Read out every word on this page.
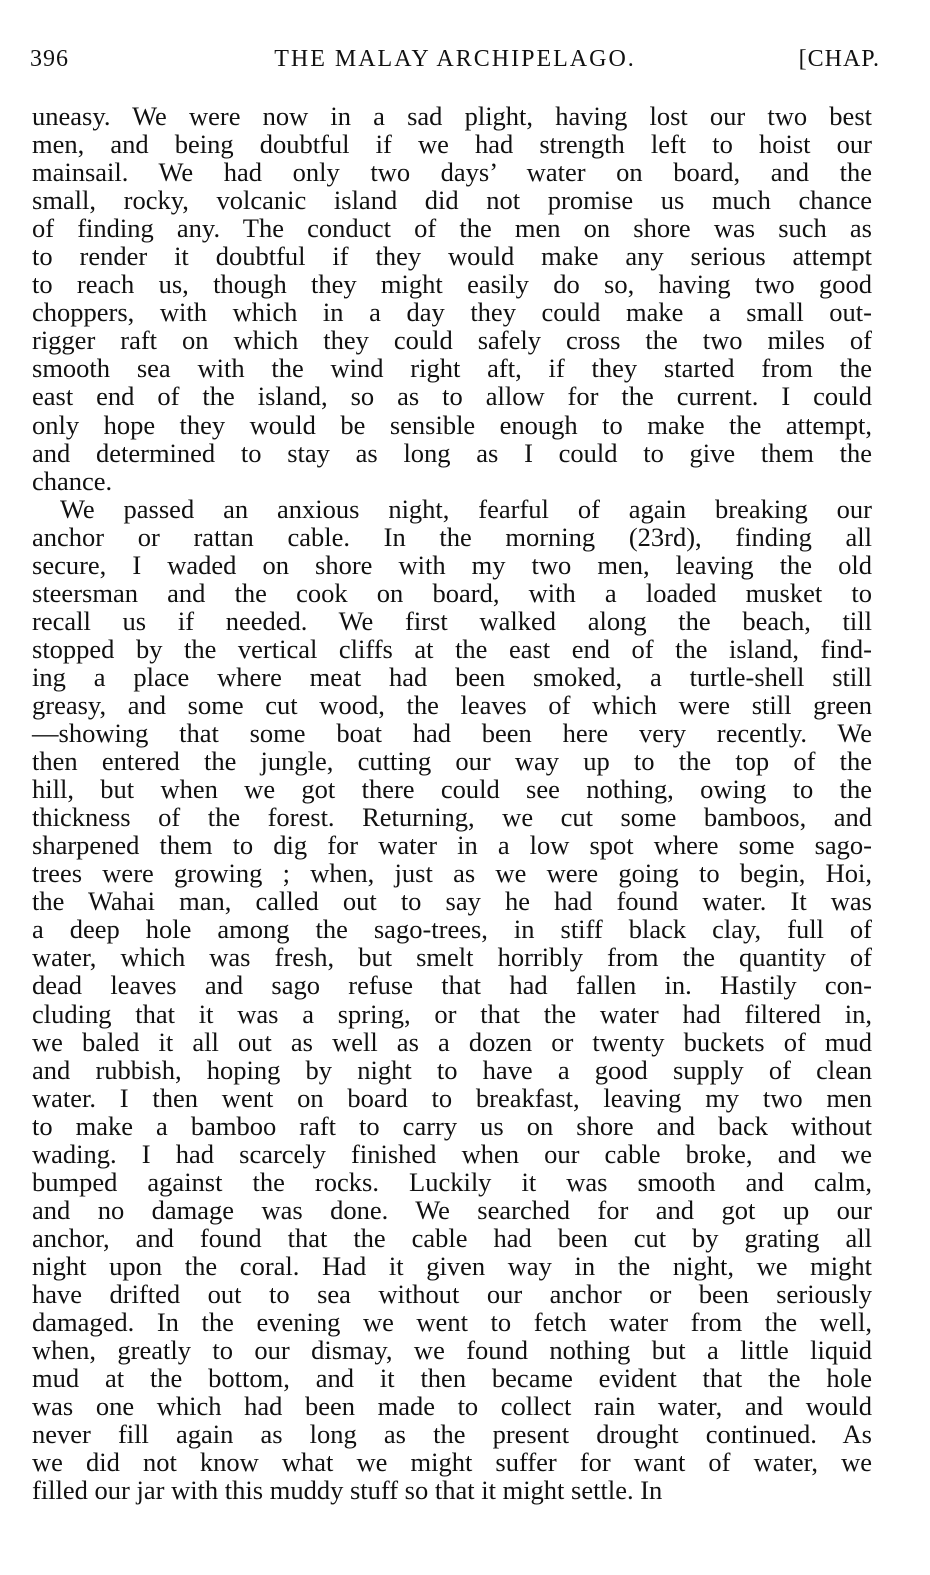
396	THE MALAY ARCHIPELAGO.	[CHAP.
uneasy. We were now in a sad plight, having lost our two best
men, and being doubtful if we had strength left to hoist our
mainsail. We had only two days’ water on board, and the
small, rocky, volcanic island did not promise us much chance
of finding any. The conduct of the men on shore was such as
to render it doubtful if they would make any serious attempt
to reach us, though they might easily do so, having two good
choppers, with which in a day they could make a small out-
rigger raft on which they could safely cross the two miles of
smooth sea with the wind right aft, if they started from the
east end of the island, so as to allow for the current. I could
only hope they would be sensible enough to make the attempt,
and determined to stay as long as I could to give them the
chance.
We passed an anxious night, fearful of again breaking our
anchor or rattan cable. In the morning (23rd), finding all
secure, I waded on shore with my two men, leaving the old
steersman and the cook on board, with a loaded musket to
recall us if needed. We first walked along the beach, till
stopped by the vertical cliffs at the east end of the island, find-
ing a place where meat had been smoked, a turtle-shell still
greasy, and some cut wood, the leaves of which were still green
—showing that some boat had been here very recently. We
then entered the jungle, cutting our way up to the top of the
hill, but when we got there could see nothing, owing to the
thickness of the forest. Returning, we cut some bamboos, and
sharpened them to dig for water in a low spot where some sago-
trees were growing ; when, just as we were going to begin, Hoi,
the Wahai man, called out to say he had found water. It was
a deep hole among the sago-trees, in stiff black clay, full of
water, which was fresh, but smelt horribly from the quantity of
dead leaves and sago refuse that had fallen in. Hastily con-
cluding that it was a spring, or that the water had filtered in,
we baled it all out as well as a dozen or twenty buckets of mud
and rubbish, hoping by night to have a good supply of clean
water. I then went on board to breakfast, leaving my two men
to make a bamboo raft to carry us on shore and back without
wading. I had scarcely finished when our cable broke, and we
bumped against the rocks. Luckily it was smooth and calm,
and no damage was done. We searched for and got up our
anchor, and found that the cable had been cut by grating all
night upon the coral. Had it given way in the night, we might
have drifted out to sea without our anchor or been seriously
damaged. In the evening we went to fetch water from the well,
when, greatly to our dismay, we found nothing but a little liquid
mud at the bottom, and it then became evident that the hole
was one which had been made to collect rain water, and would
never fill again as long as the present drought continued. As
we did not know what we might suffer for want of water, we
filled our jar with this muddy stuff so that it might settle. In
